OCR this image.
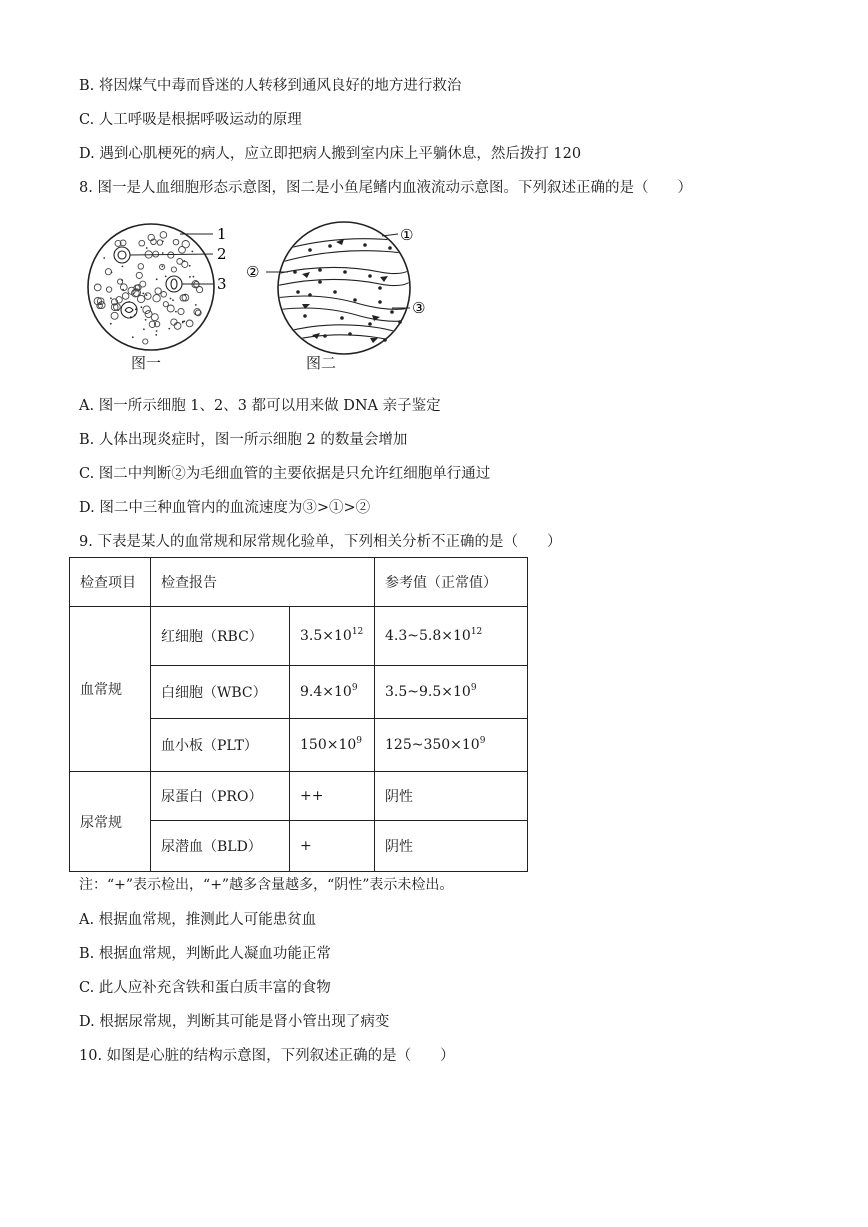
B. 将因煤气中毒而昏迷的人转移到通风良好的地方进行救治
C. 人工呼吸是根据呼吸运动的原理
D. 遇到心肌梗死的病人，应立即把病人搬到室内床上平躺休息，然后拨打 120
8. 图一是人血细胞形态示意图，图二是小鱼尾鳍内血液流动示意图。下列叙述正确的是（　　）
1
2
3
①
②
③
图一	图二
A. 图一所示细胞 1、2、3 都可以用来做 DNA 亲子鉴定
B. 人体出现炎症时，图一所示细胞 2 的数量会增加
C. 图二中判断②为毛细血管的主要依据是只允许红细胞单行通过
D. 图二中三种血管内的血流速度为③>①>②
9. 下表是某人的血常规和尿常规化验单，下列相关分析不正确的是（　　）
检查项目	检查报告		参考值（正常值）
血常规	红细胞（RBC）	$3.5\times 10^{12}$	$4.3\sim 5.8\times 10^{12}$
	白细胞（WBC）	$9.4\times 10^9$	$3.5\sim 9.5\times 10^9$
	血小板（PLT）	$150\times 10^9$	$125\sim 350\times 10^9$
尿常规	尿蛋白（PRO）	++	阴性
	尿潜血（BLD）	+	阴性
注：“+”表示检出，“+”越多含量越多，“阴性”表示未检出。
A. 根据血常规，推测此人可能患贫血
B. 根据血常规，判断此人凝血功能正常
C. 此人应补充含铁和蛋白质丰富的食物
D. 根据尿常规，判断其可能是肾小管出现了病变
10. 如图是心脏的结构示意图，下列叙述正确的是（　　）
